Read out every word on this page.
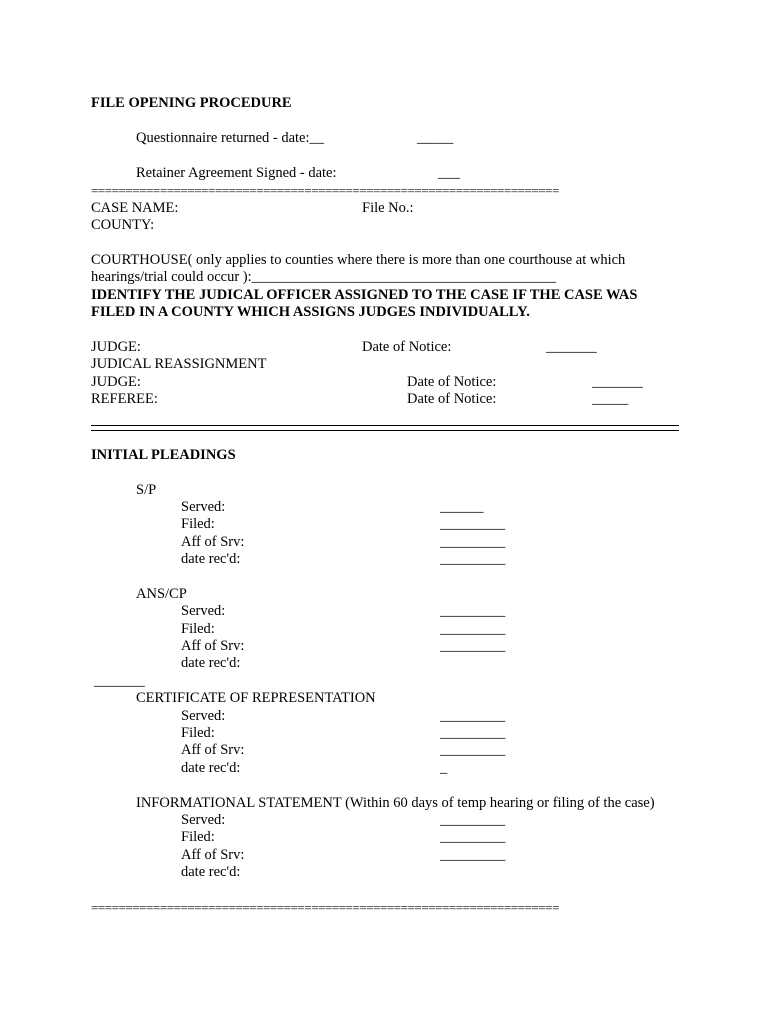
FILE OPENING PROCEDURE
Questionnaire returned - date:__	_____
Retainer Agreement Signed - date:	___
====================================================================
CASE NAME:	File No.:
COUNTY:
COURTHOUSE( only applies to counties where there is more than one courthouse at which
hearings/trial could occur ):__________________________________________
IDENTIFY THE JUDICAL OFFICER ASSIGNED TO THE CASE IF THE CASE WAS
FILED IN A COUNTY WHICH ASSIGNS JUDGES INDIVIDUALLY.
JUDGE:	Date of Notice:	_______
JUDICAL REASSIGNMENT
JUDGE:	Date of Notice:	_______
REFEREE:	Date of Notice:	_____
INITIAL PLEADINGS
S/P
Served:	______
Filed:	_________
Aff of Srv:	_________
date rec'd:	_________
ANS/CP
Served:	_________
Filed:	_________
Aff of Srv:	_________
date rec'd:
_______
CERTIFICATE OF REPRESENTATION
Served:	_________
Filed:	_________
Aff of Srv:	_________
date rec'd:	_
INFORMATIONAL STATEMENT (Within 60 days of temp hearing or filing of the case)
Served:	_________
Filed:	_________
Aff of Srv:	_________
date rec'd:
====================================================================
